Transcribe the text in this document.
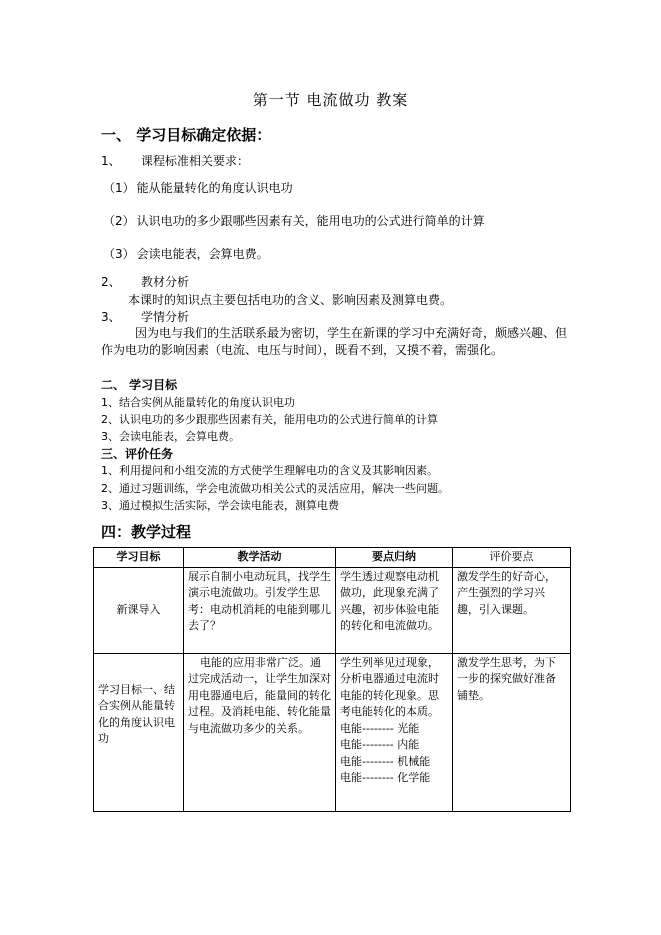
第一节 电流做功 教案
一、 学习目标确定依据：
1、 课程标准相关要求：
（1） 能从能量转化的角度认识电功
（2） 认识电功的多少跟哪些因素有关，能用电功的公式进行简单的计算
（3） 会读电能表，会算电费。
2、 教材分析
本课时的知识点主要包括电功的含义、影响因素及测算电费。
3、 学情分析
因为电与我们的生活联系最为密切，学生在新课的学习中充满好奇，颇感兴趣、但作为电功的影响因素（电流、电压与时间），既看不到，又摸不着，需强化。
二、 学习目标
1、结合实例从能量转化的角度认识电功
2、认识电功的多少跟那些因素有关，能用电功的公式进行简单的计算
3、会读电能表，会算电费。
三、评价任务
1、利用提问和小组交流的方式使学生理解电功的含义及其影响因素。
2、通过习题训练，学会电流做功相关公式的灵活应用，解决一些问题。
3、通过模拟生活实际，学会读电能表，测算电费
四：教学过程
学习目标	教学活动	要点归纳	评价要点
新课导入	展示自制小电动玩具，找学生演示电流做功。引发学生思考：电动机消耗的电能到哪儿去了？	学生透过观察电动机做功，此现象充满了兴趣，初步体验电能的转化和电流做功。	激发学生的好奇心，产生强烈的学习兴趣，引入课题。
学习目标一、结合实例从能量转化的角度认识电功	电能的应用非常广泛。通过完成活动一，让学生加深对用电器通电后，能量间的转化过程。及消耗电能、转化能量与电流做功多少的关系。	学生列举见过现象，分析电器通过电流时电能的转化现象。思考电能转化的本质。
电能-------- 光能
电能-------- 内能
电能-------- 机械能
电能-------- 化学能	激发学生思考，为下一步的探究做好准备铺垫。
